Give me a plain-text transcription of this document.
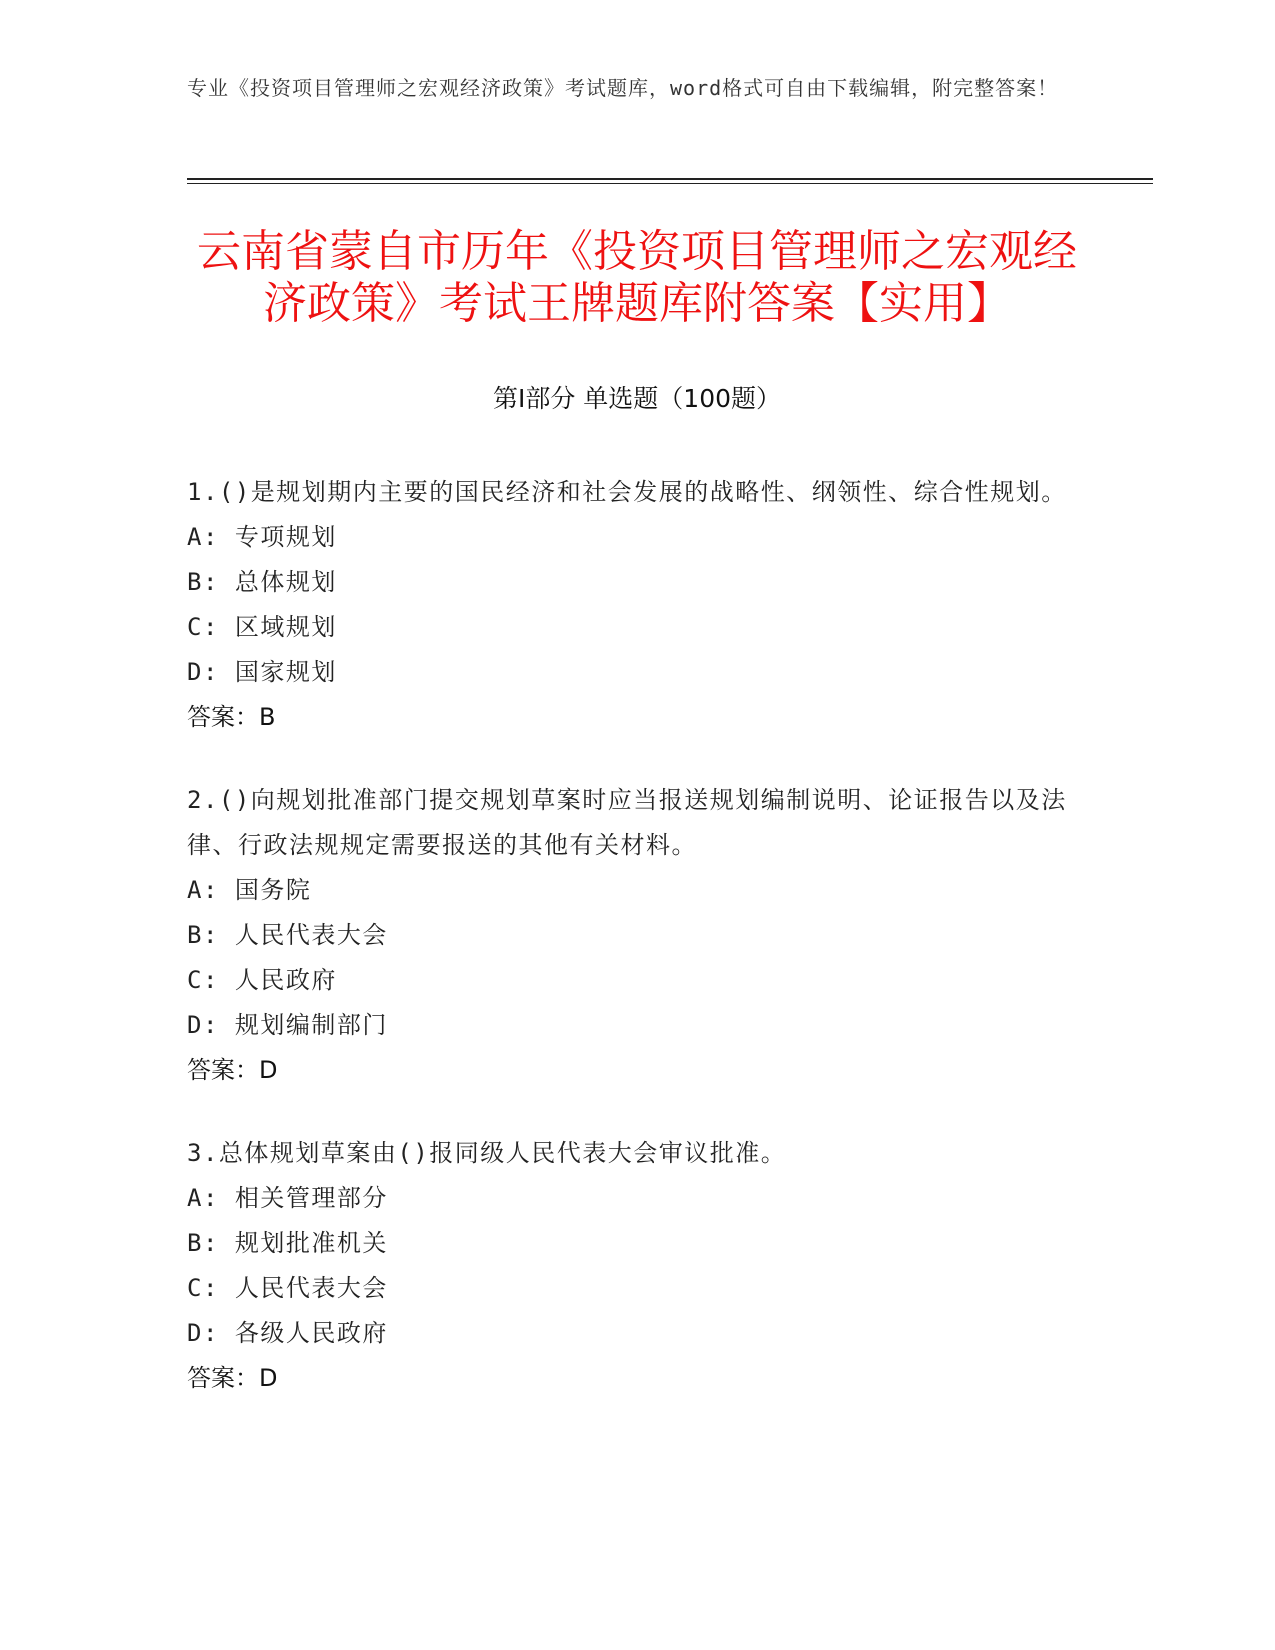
专业《投资项目管理师之宏观经济政策》考试题库，word格式可自由下载编辑，附完整答案！
云南省蒙自市历年《投资项目管理师之宏观经济政策》考试王牌题库附答案【实用】
第Ⅰ部分 单选题（100题）
1.()是规划期内主要的国民经济和社会发展的战略性、纲领性、综合性规划。
A: 专项规划
B: 总体规划
C: 区域规划
D: 国家规划
答案：B
2.()向规划批准部门提交规划草案时应当报送规划编制说明、论证报告以及法律、行政法规规定需要报送的其他有关材料。
A: 国务院
B: 人民代表大会
C: 人民政府
D: 规划编制部门
答案：D
3.总体规划草案由()报同级人民代表大会审议批准。
A: 相关管理部分
B: 规划批准机关
C: 人民代表大会
D: 各级人民政府
答案：D
